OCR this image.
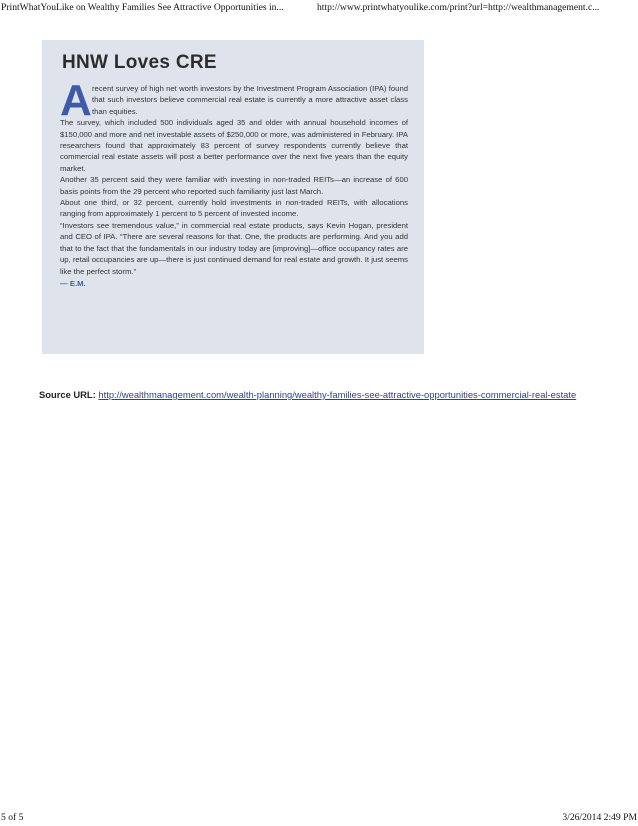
PrintWhatYouLike on Wealthy Families See Attractive Opportunities in...	http://www.printwhatyoulike.com/print?url=http://wealthmanagement.c...
HNW Loves CRE
A recent survey of high net worth investors by the Investment Program Association (IPA) found that such investors believe commercial real estate is currently a more attractive asset class than equities.

The survey, which included 500 individuals aged 35 and older with annual household incomes of $150,000 and more and net investable assets of $250,000 or more, was administered in February. IPA researchers found that approximately 83 percent of survey respondents currently believe that commercial real estate assets will post a better performance over the next five years than the equity market.

Another 35 percent said they were familiar with investing in non-traded REITs—an increase of 600 basis points from the 29 percent who reported such familiarity just last March.

About one third, or 32 percent, currently hold investments in non-traded REITs, with allocations ranging from approximately 1 percent to 5 percent of invested income.

“Investors see tremendous value,” in commercial real estate products, says Kevin Hogan, president and CEO of IPA. “There are several reasons for that. One, the products are performing. And you add that to the fact that the fundamentals in our industry today are [improving]—office occupancy rates are up, retail occupancies are up—there is just continued demand for real estate and growth. It just seems like the perfect storm.”

— E.M.
Source URL: http://wealthmanagement.com/wealth-planning/wealthy-families-see-attractive-opportunities-commercial-real-estate
5 of 5	3/26/2014 2:49 PM
